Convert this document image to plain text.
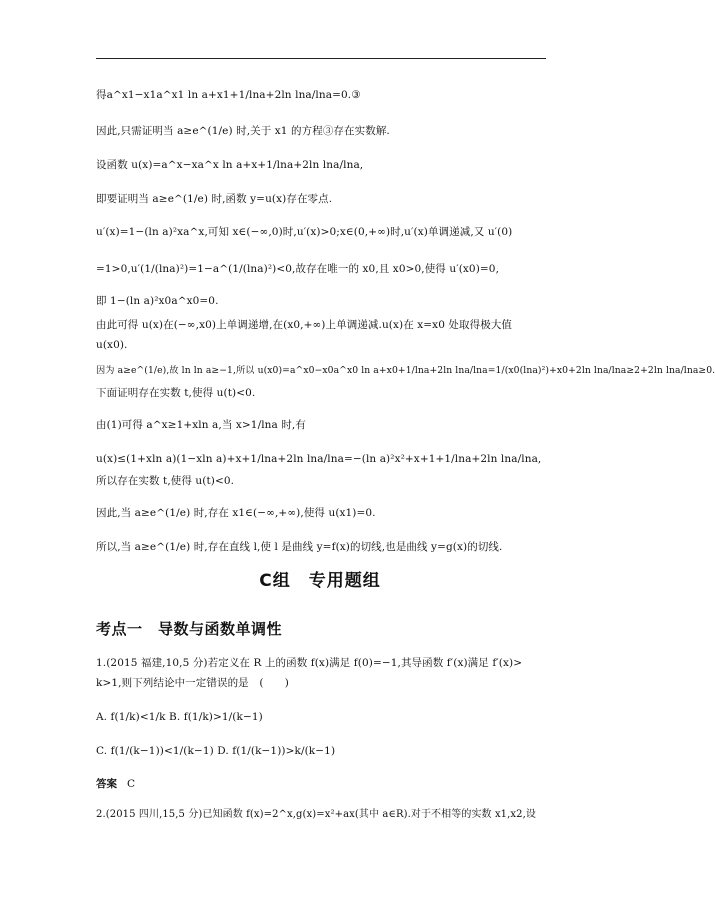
得a^x1−x1a^x1 ln a+x1+1/lna+2ln lna/lna=0.③
因此,只需证明当 a≥e^(1/e) 时,关于 x1 的方程③存在实数解.
设函数 u(x)=a^x−xa^x ln a+x+1/lna+2ln lna/lna,
即要证明当 a≥e^(1/e) 时,函数 y=u(x)存在零点.
u′(x)=1−(ln a)²xa^x,可知 x∈(−∞,0)时,u′(x)>0;x∈(0,+∞)时,u′(x)单调递减,又 u′(0)
=1>0,u′(1/(lna)²)=1−a^(1/(lna)²)<0,故存在唯一的 x0,且 x0>0,使得 u′(x0)=0,
即 1−(ln a)²x0a^x0=0.
由此可得 u(x)在(−∞,x0)上单调递增,在(x0,+∞)上单调递减.u(x)在 x=x0 处取得极大值
u(x0).
因为 a≥e^(1/e),故 ln ln a≥−1,所以 u(x0)=a^x0−x0a^x0 ln a+x0+1/lna+2ln lna/lna=1/(x0(lna)²)+x0+2ln lna/lna≥2+2ln lna/lna≥0.
下面证明存在实数 t,使得 u(t)<0.
由(1)可得 a^x≥1+xln a,当 x>1/lna 时,有
u(x)≤(1+xln a)(1−xln a)+x+1/lna+2ln lna/lna=−(ln a)²x²+x+1+1/lna+2ln lna/lna,
所以存在实数 t,使得 u(t)<0.
因此,当 a≥e^(1/e) 时,存在 x1∈(−∞,+∞),使得 u(x1)=0.
所以,当 a≥e^(1/e) 时,存在直线 l,使 l 是曲线 y=f(x)的切线,也是曲线 y=g(x)的切线.
C组　专用题组
考点一　导数与函数单调性
1.(2015 福建,10,5 分)若定义在 R 上的函数 f(x)满足 f(0)=−1,其导函数 f′(x)满足 f′(x)>
k>1,则下列结论中一定错误的是　(　　)
A. f(1/k)<1/k B. f(1/k)>1/(k−1)
C. f(1/(k−1))<1/(k−1) D. f(1/(k−1))>k/(k−1)
答案 C
2.(2015 四川,15,5 分)已知函数 f(x)=2^x,g(x)=x²+ax(其中 a∈R).对于不相等的实数 x1,x2,设
